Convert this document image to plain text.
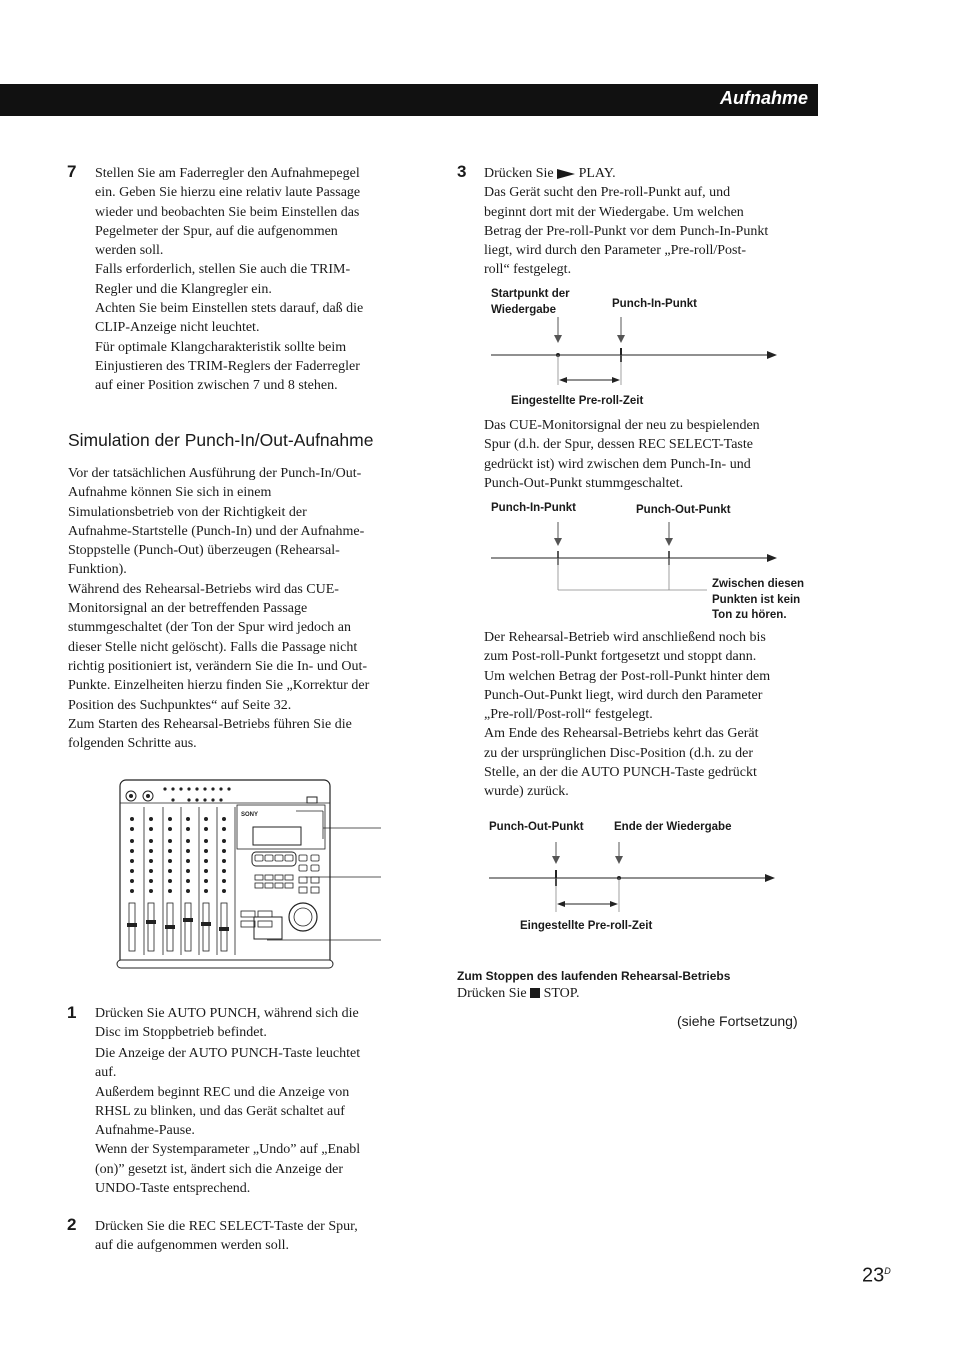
Aufnahme
7 Stellen Sie am Faderregler den Aufnahmepegel
ein. Geben Sie hierzu eine relativ laute Passage
wieder und beobachten Sie beim Einstellen das
Pegelmeter der Spur, auf die aufgenommen
werden soll.
Falls erforderlich, stellen Sie auch die TRIM-
Regler und die Klangregler ein.
Achten Sie beim Einstellen stets darauf, daß die
CLIP-Anzeige nicht leuchtet.
Für optimale Klangcharakteristik sollte beim
Einjustieren des TRIM-Reglers der Faderregler
auf einer Position zwischen 7 und 8 stehen.
Simulation der Punch-In/Out-Aufnahme
Vor der tatsächlichen Ausführung der Punch-In/Out-
Aufnahme können Sie sich in einem
Simulationsbetrieb von der Richtigkeit der
Aufnahme-Startstelle (Punch-In) und der Aufnahme-
Stoppstelle (Punch-Out) überzeugen (Rehearsal-
Funktion).
Während des Rehearsal-Betriebs wird das CUE-
Monitorsignal an der betreffenden Passage
stummgeschaltet (der Ton der Spur wird jedoch an
dieser Stelle nicht gelöscht). Falls die Passage nicht
richtig positioniert ist, verändern Sie die In- und Out-
Punkte. Einzelheiten hierzu finden Sie „Korrektur der
Position des Suchpunktes“ auf Seite 32.
Zum Starten des Rehearsal-Betriebs führen Sie die
folgenden Schritte aus.
SONY
1 Drücken Sie AUTO PUNCH, während sich die
Disc im Stoppbetrieb befindet.
Die Anzeige der AUTO PUNCH-Taste leuchtet
auf.
Außerdem beginnt REC und die Anzeige von
RHSL zu blinken, und das Gerät schaltet auf
Aufnahme-Pause.
Wenn der Systemparameter „Undo” auf „Enabl
(on)” gesetzt ist, ändert sich die Anzeige der
UNDO-Taste entsprechend.
2 Drücken Sie die REC SELECT-Taste der Spur,
auf die aufgenommen werden soll.
3 Drücken Sie  PLAY.
Das Gerät sucht den Pre-roll-Punkt auf, und
beginnt dort mit der Wiedergabe. Um welchen
Betrag der Pre-roll-Punkt vor dem Punch-In-Punkt
liegt, wird durch den Parameter „Pre-roll/Post-
roll“ festgelegt.
Startpunkt der
Wiedergabe	Punch-In-Punkt
Eingestellte Pre-roll-Zeit
Das CUE-Monitorsignal der neu zu bespielenden
Spur (d.h. der Spur, dessen REC SELECT-Taste
gedrückt ist) wird zwischen dem Punch-In- und
Punch-Out-Punkt stummgeschaltet.
Punch-In-Punkt	Punch-Out-Punkt
Zwischen diesen
Punkten ist kein
Ton zu hören.
Der Rehearsal-Betrieb wird anschließend noch bis
zum Post-roll-Punkt fortgesetzt und stoppt dann.
Um welchen Betrag der Post-roll-Punkt hinter dem
Punch-Out-Punkt liegt, wird durch den Parameter
„Pre-roll/Post-roll“ festgelegt.
Am Ende des Rehearsal-Betriebs kehrt das Gerät
zu der ursprünglichen Disc-Position (d.h. zu der
Stelle, an der die AUTO PUNCH-Taste gedrückt
wurde) zurück.
Punch-Out-Punkt	Ende der Wiedergabe
Eingestellte Pre-roll-Zeit
Zum Stoppen des laufenden Rehearsal-Betriebs
Drücken Sie  STOP.
(siehe Fortsetzung)
$23^D$
